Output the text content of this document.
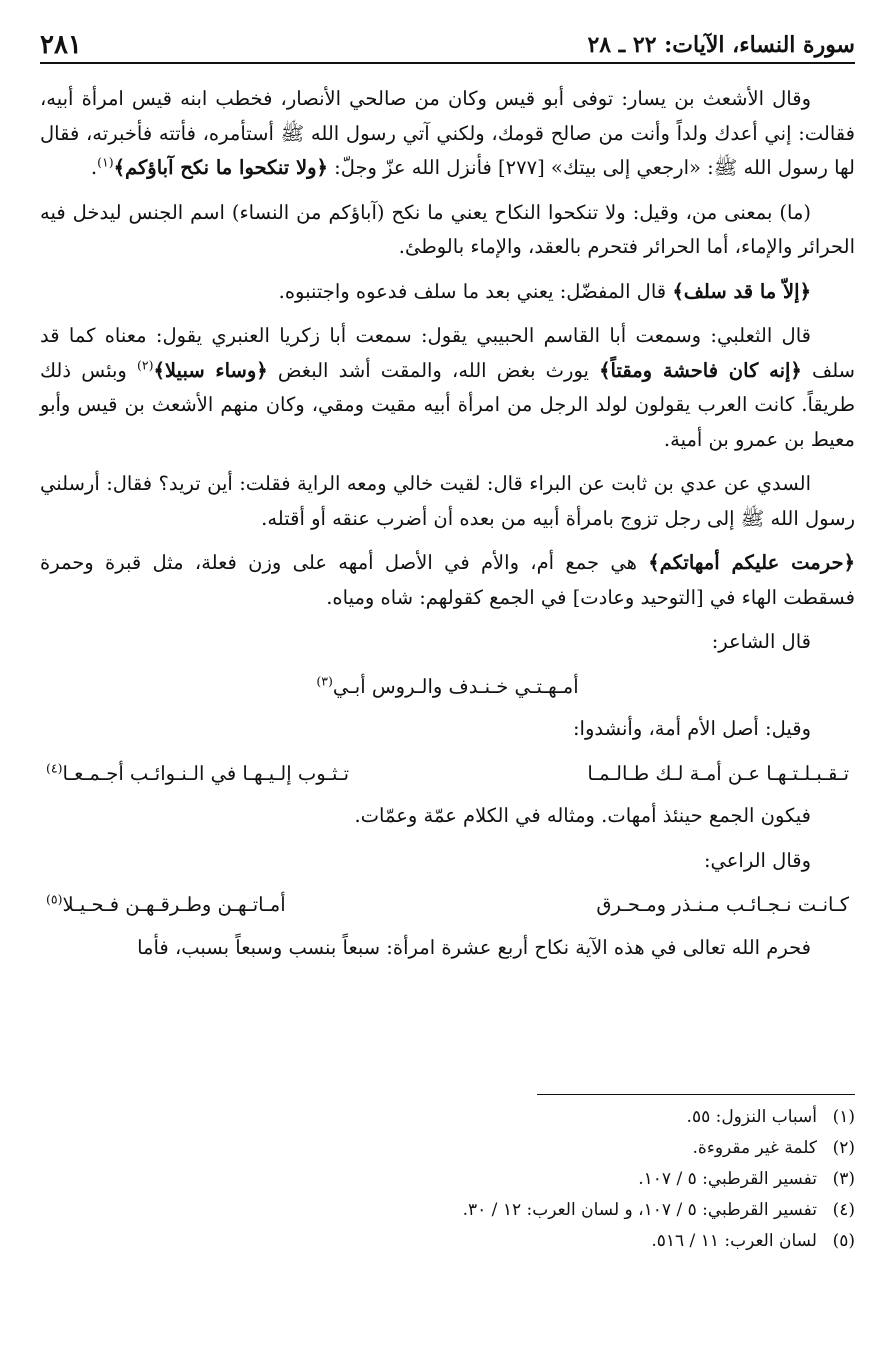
سورة النساء، الآيات: ٢٢ ـ ٢٨
٢٨١

وقال الأشعث بن يسار: توفى أبو قيس وكان من صالحي الأنصار، فخطب ابنه قيس امرأة أبيه، فقالت: إني أعدك ولداً وأنت من صالح قومك، ولكني آتي رسول الله ﷺ أستأمره، فأتته فأخبرته، فقال لها رسول الله ﷺ: «ارجعي إلى بيتك» [٢٧٧] فأنزل الله عزّ وجلّ: ﴿ولا تنكحوا ما نكح آباؤكم﴾$^{(١)}$.

(ما) بمعنى من، وقيل: ولا تنكحوا النكاح يعني ما نكح (آباؤكم من النساء) اسم الجنس ليدخل فيه الحرائر والإماء، أما الحرائر فتحرم بالعقد، والإماء بالوطئ.

﴿إلاّ ما قد سلف﴾ قال المفضّل: يعني بعد ما سلف فدعوه واجتنبوه.

قال الثعلبي: وسمعت أبا القاسم الحبيبي يقول: سمعت أبا زكريا العنبري يقول: معناه كما قد سلف ﴿إنه كان فاحشة ومقتاً﴾ يورث بغض الله، والمقت أشد البغض ﴿وساء سبيلا﴾$^{(٢)}$ وبئس ذلك طريقاً. كانت العرب يقولون لولد الرجل من امرأة أبيه مقيت ومقي، وكان منهم الأشعث بن قيس وأبو معيط بن عمرو بن أمية.

السدي عن عدي بن ثابت عن البراء قال: لقيت خالي ومعه الراية فقلت: أين تريد؟ فقال: أرسلني رسول الله ﷺ إلى رجل تزوج بامرأة أبيه من بعده أن أضرب عنقه أو أقتله.

﴿حرمت عليكم أمهاتكم﴾ هي جمع أم، والأم في الأصل أمهه على وزن فعلة، مثل قبرة وحمرة فسقطت الهاء في [التوحيد وعادت] في الجمع كقولهم: شاه ومياه.

قال الشاعر:

أمـهـتـي خـنـدف والـروس أبـي$^{(٣)}$

وقيل: أصل الأم أمة، وأنشدوا:

تـقـبـلـتـهـا عـن أمـة لـك طـالـمـا
تـثـوب إلـيـهـا في الـنـوائـب أجـمـعـا$^{(٤)}$

فيكون الجمع حينئذ أمهات. ومثاله في الكلام عمّة وعمّات.

وقال الراعي:

كـانـت نـجـائـب مـنـذر ومـحـرق
أمـاتـهـن وطـرقـهـن فـحـيـلا$^{(٥)}$

فحرم الله تعالى في هذه الآية نكاح أربع عشرة امرأة: سبعاً بنسب وسبعاً بسبب، فأما

(١)أسباب النزول: ٥٥.
(٢)كلمة غير مقروءة.
(٣)تفسير القرطبي: ٥ / ١٠٧.
(٤)تفسير القرطبي: ٥ / ١٠٧، و لسان العرب: ١٢ / ٣٠.
(٥)لسان العرب: ١١ / ٥١٦.
